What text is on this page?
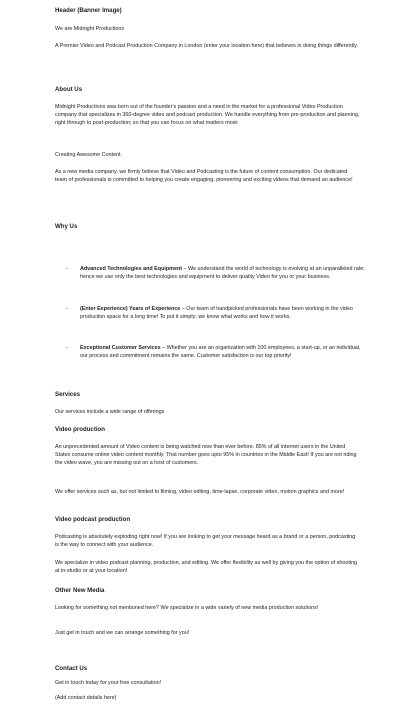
Header (Banner Image)
We are Midnight Productions
A Premier Video and Podcast Production Company in London (enter your location here) that believes in doing things differently.
About Us
Midnight Productions was born out of the founder's passion and a need in the market for a professional Video Production company that specializes in 360-degree video and podcast production. We handle everything from pre-production and planning, right through to post-production; so that you can focus on what matters most-
Creating Awesome Content.
As a new media company, we firmly believe that Video and Podcasting is the future of content consumption. Our dedicated team of professionals is committed to helping you create engaging, pioneering and exciting videos that demand an audience!
Why Us
- Advanced Technologies and Equipment – We understand the world of technology is evolving at an unparalleled rate; hence we use only the best technologies and equipment to deliver quality Video for you or your business.
- (Enter Experience) Years of Experience – Our team of handpicked professionals have been working in the video production space for a long time! To put it simply; we know what works and how it works.
- Exceptional Customer Services – Whether you are an organization with 100 employees, a start-up, or an individual, our process and commitment remains the same. Customer satisfaction is our top priority!
Services
Our services include a wide range of offerings
Video production
An unprecedented amount of Video content is being watched now than ever before. 85% of all internet users in the United States consume online video content monthly. That number goes upto 95% in countries in the Middle East! If you are not riding the video wave, you are missing out on a host of customers.
We offer services such as, but not limited to filming, video editing, time-lapse, corporate video, motion graphics and more!
Video podcast production
Podcasting is absolutely exploding right now! If you are looking to get your message heard as a brand or a person, podcasting is the way to connect with your audience.
We specialize in video podcast planning, production, and editing. We offer flexibility as well by giving you the option of shooting at in-studio or at your location!
Other New Media
Looking for something not mentioned here? We specialize in a wide variety of new media production solutions!
Just get in touch and we can arrange something for you!
Contact Us
Get in touch today for your free consultation!
(Add contact details here)
